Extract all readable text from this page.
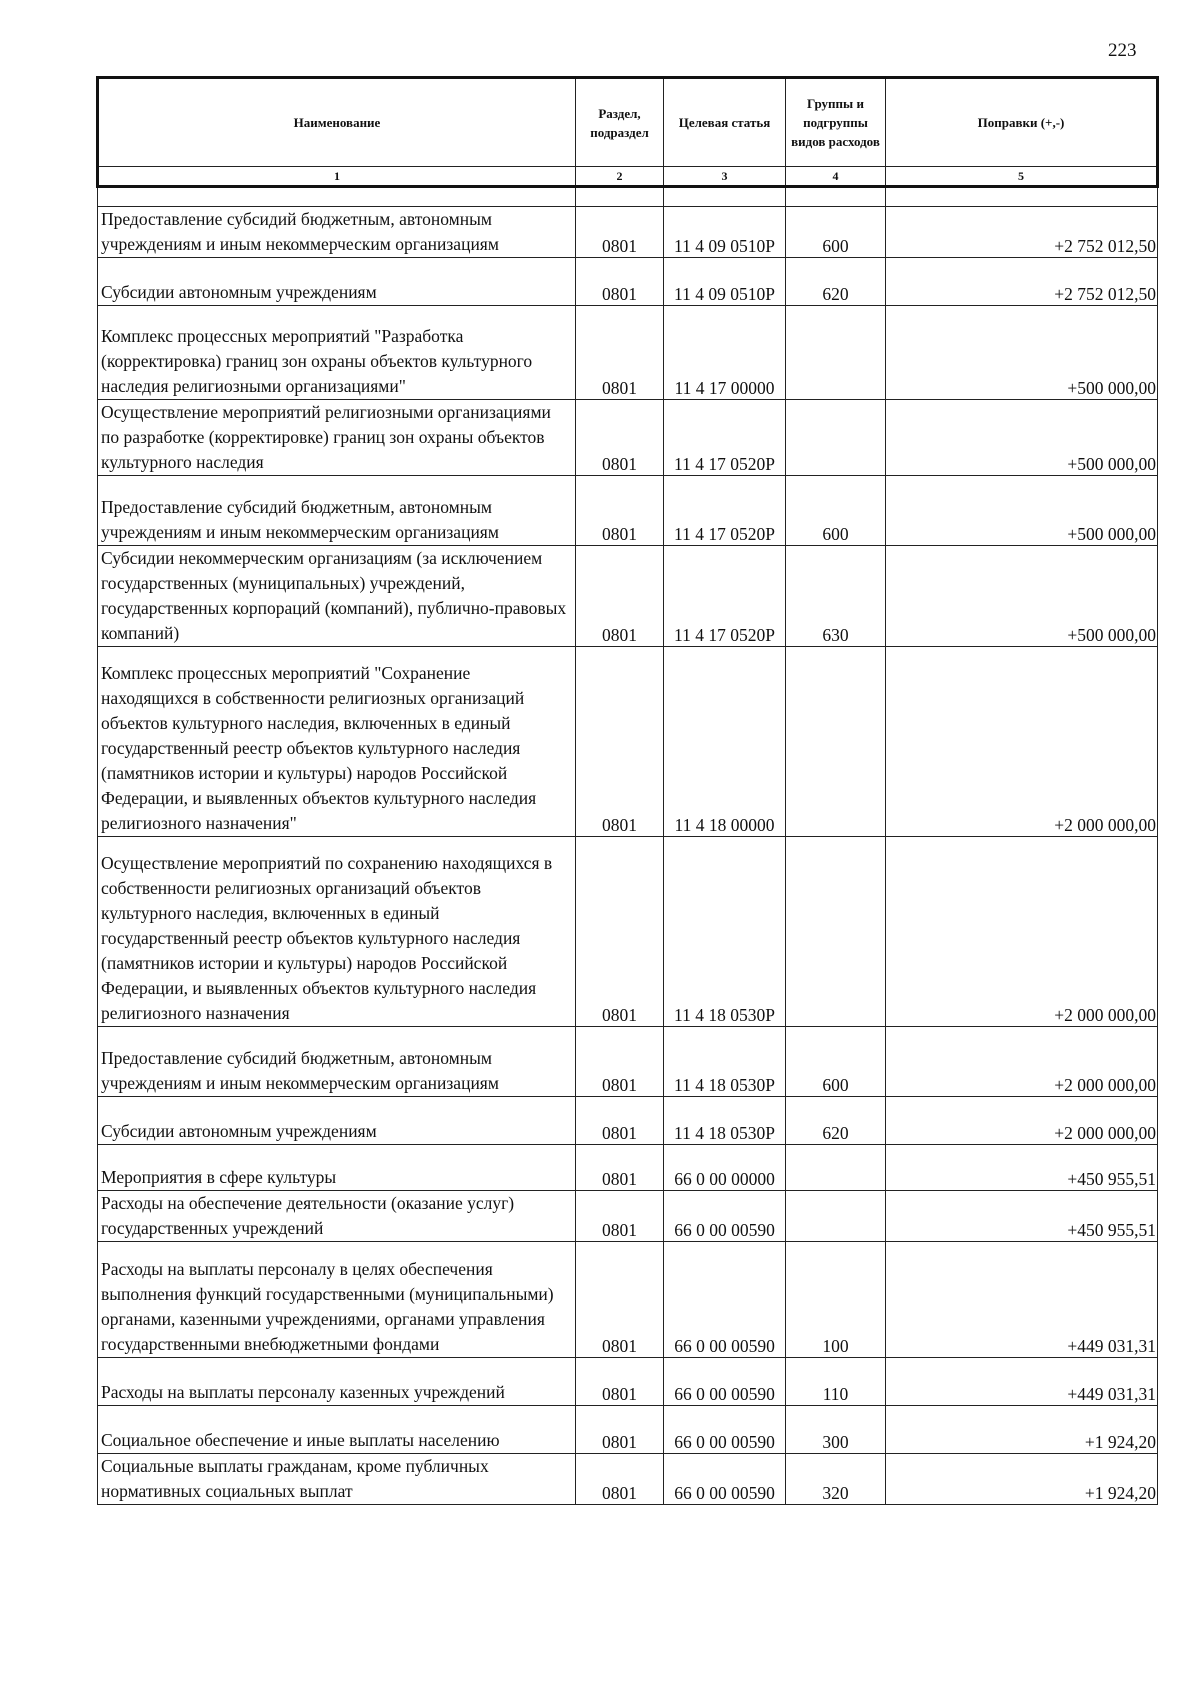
223
Наименование	Раздел, подраздел	Целевая статья	Группы и подгруппы видов расходов	Поправки (+,-)
1	2	3	4	5

Предоставление субсидий бюджетным, автономным учреждениям и иным некоммерческим организациям	0801	11 4 09 0510Р	600	+2 752 012,50
Субсидии автономным учреждениям	0801	11 4 09 0510Р	620	+2 752 012,50
Комплекс процессных мероприятий "Разработка (корректировка) границ зон охраны объектов культурного наследия религиозными организациями"	0801	11 4 17 00000		+500 000,00
Осуществление мероприятий религиозными организациями по разработке (корректировке) границ зон охраны объектов культурного наследия	0801	11 4 17 0520Р		+500 000,00
Предоставление субсидий бюджетным, автономным учреждениям и иным некоммерческим организациям	0801	11 4 17 0520Р	600	+500 000,00
Субсидии некоммерческим организациям (за исключением государственных (муниципальных) учреждений, государственных корпораций (компаний), публично-правовых компаний)	0801	11 4 17 0520Р	630	+500 000,00
Комплекс процессных мероприятий "Сохранение находящихся в собственности религиозных организаций объектов культурного наследия, включенных в единый государственный реестр объектов культурного наследия (памятников истории и культуры) народов Российской Федерации, и выявленных объектов культурного наследия религиозного назначения"	0801	11 4 18 00000		+2 000 000,00
Осуществление мероприятий по сохранению находящихся в собственности религиозных организаций объектов культурного наследия, включенных в единый государственный реестр объектов культурного наследия (памятников истории и культуры) народов Российской Федерации, и выявленных объектов культурного наследия религиозного назначения	0801	11 4 18 0530Р		+2 000 000,00
Предоставление субсидий бюджетным, автономным учреждениям и иным некоммерческим организациям	0801	11 4 18 0530Р	600	+2 000 000,00
Субсидии автономным учреждениям	0801	11 4 18 0530Р	620	+2 000 000,00
Мероприятия в сфере культуры	0801	66 0 00 00000		+450 955,51
Расходы на обеспечение деятельности (оказание услуг) государственных учреждений	0801	66 0 00 00590		+450 955,51
Расходы на выплаты персоналу в целях обеспечения выполнения функций государственными (муниципальными) органами, казенными учреждениями, органами управления государственными внебюджетными фондами	0801	66 0 00 00590	100	+449 031,31
Расходы на выплаты персоналу казенных учреждений	0801	66 0 00 00590	110	+449 031,31
Социальное обеспечение и иные выплаты населению	0801	66 0 00 00590	300	+1 924,20
Социальные выплаты гражданам, кроме публичных нормативных социальных выплат	0801	66 0 00 00590	320	+1 924,20
